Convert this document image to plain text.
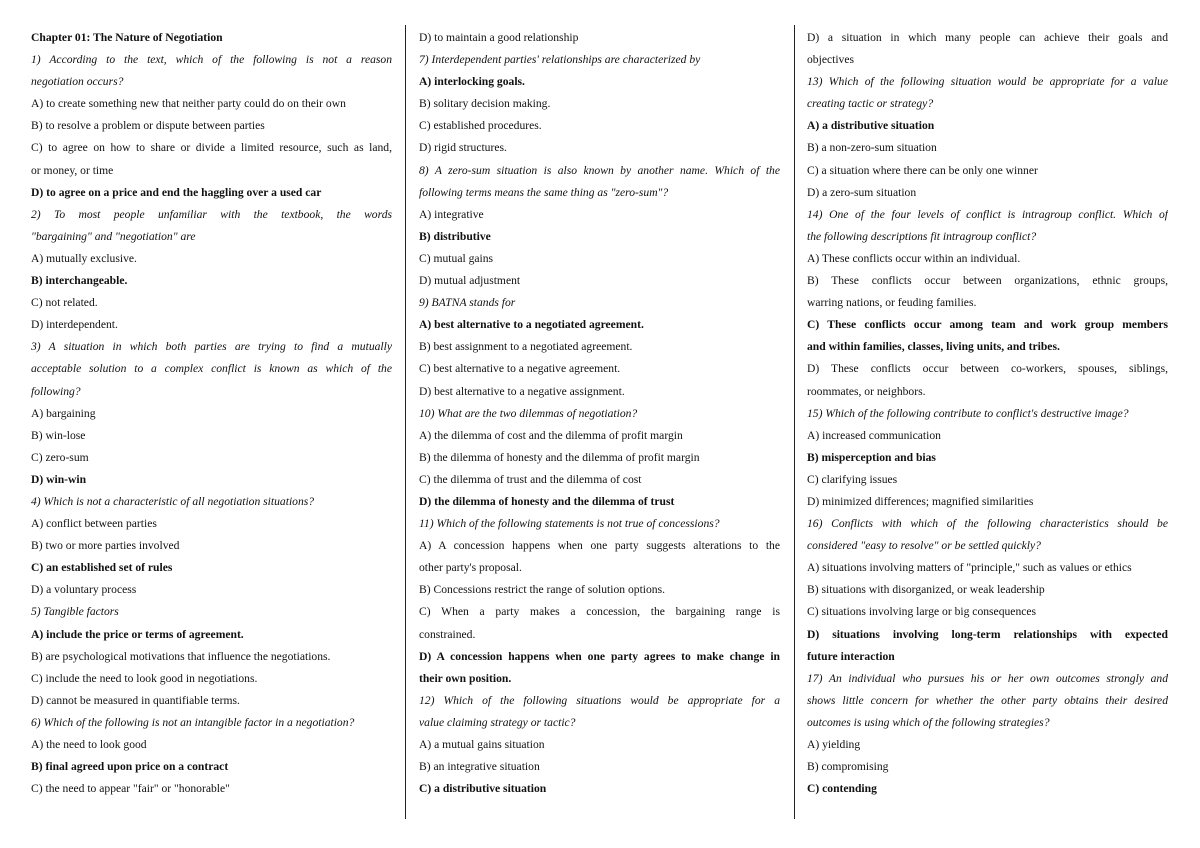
Chapter 01: The Nature of Negotiation
1) According to the text, which of the following is not a reason
negotiation occurs?
A) to create something new that neither party could do on their own
B) to resolve a problem or dispute between parties
C) to agree on how to share or divide a limited resource, such as land,
or money, or time
D) to agree on a price and end the haggling over a used car
2) To most people unfamiliar with the textbook, the words
"bargaining" and "negotiation" are
A) mutually exclusive.
B) interchangeable.
C) not related.
D) interdependent.
3) A situation in which both parties are trying to find a mutually
acceptable solution to a complex conflict is known as which of the
following?
A) bargaining
B) win-lose
C) zero-sum
D) win-win
4) Which is not a characteristic of all negotiation situations?
A) conflict between parties
B) two or more parties involved
C) an established set of rules
D) a voluntary process
5) Tangible factors
A) include the price or terms of agreement.
B) are psychological motivations that influence the negotiations.
C) include the need to look good in negotiations.
D) cannot be measured in quantifiable terms.
6) Which of the following is not an intangible factor in a negotiation?
A) the need to look good
B) final agreed upon price on a contract
C) the need to appear "fair" or "honorable"
D) to maintain a good relationship
7) Interdependent parties' relationships are characterized by
A) interlocking goals.
B) solitary decision making.
C) established procedures.
D) rigid structures.
8) A zero-sum situation is also known by another name. Which of the
following terms means the same thing as "zero-sum"?
A) integrative
B) distributive
C) mutual gains
D) mutual adjustment
9) BATNA stands for
A) best alternative to a negotiated agreement.
B) best assignment to a negotiated agreement.
C) best alternative to a negative agreement.
D) best alternative to a negative assignment.
10) What are the two dilemmas of negotiation?
A) the dilemma of cost and the dilemma of profit margin
B) the dilemma of honesty and the dilemma of profit margin
C) the dilemma of trust and the dilemma of cost
D) the dilemma of honesty and the dilemma of trust
11) Which of the following statements is not true of concessions?
A) A concession happens when one party suggests alterations to the
other party's proposal.
B) Concessions restrict the range of solution options.
C) When a party makes a concession, the bargaining range is
constrained.
D) A concession happens when one party agrees to make change in
their own position.
12) Which of the following situations would be appropriate for a
value claiming strategy or tactic?
A) a mutual gains situation
B) an integrative situation
C) a distributive situation
D) a situation in which many people can achieve their goals and
objectives
13) Which of the following situation would be appropriate for a value
creating tactic or strategy?
A) a distributive situation
B) a non-zero-sum situation
C) a situation where there can be only one winner
D) a zero-sum situation
14) One of the four levels of conflict is intragroup conflict. Which of
the following descriptions fit intragroup conflict?
A) These conflicts occur within an individual.
B) These conflicts occur between organizations, ethnic groups,
warring nations, or feuding families.
C) These conflicts occur among team and work group members
and within families, classes, living units, and tribes.
D) These conflicts occur between co-workers, spouses, siblings,
roommates, or neighbors.
15) Which of the following contribute to conflict's destructive image?
A) increased communication
B) misperception and bias
C) clarifying issues
D) minimized differences; magnified similarities
16) Conflicts with which of the following characteristics should be
considered "easy to resolve" or be settled quickly?
A) situations involving matters of "principle," such as values or ethics
B) situations with disorganized, or weak leadership
C) situations involving large or big consequences
D) situations involving long-term relationships with expected
future interaction
17) An individual who pursues his or her own outcomes strongly and
shows little concern for whether the other party obtains their desired
outcomes is using which of the following strategies?
A) yielding
B) compromising
C) contending
